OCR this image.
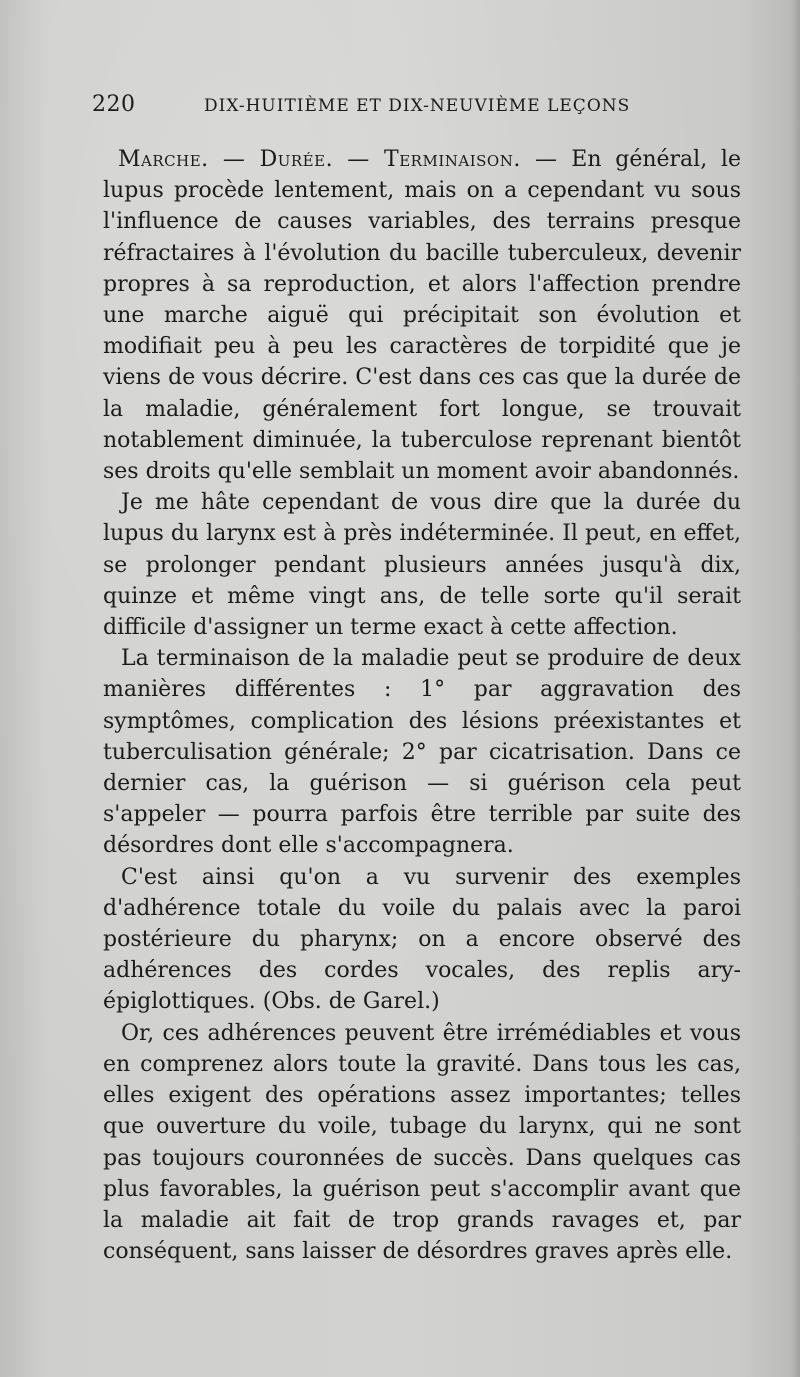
220	DIX-HUITIÈME ET DIX-NEUVIÈME LEÇONS

Marche. — Durée. — Terminaison. — En général, le lupus procède lentement, mais on a cependant vu sous l'influence de causes variables, des terrains presque réfractaires à l'évolution du bacille tuberculeux, devenir propres à sa reproduction, et alors l'affection prendre une marche aiguë qui précipitait son évolution et modifiait peu à peu les caractères de torpidité que je viens de vous décrire. C'est dans ces cas que la durée de la maladie, généralement fort longue, se trouvait notablement diminuée, la tuberculose reprenant bientôt ses droits qu'elle semblait un moment avoir abandonnés.

Je me hâte cependant de vous dire que la durée du lupus du larynx est à près indéterminée. Il peut, en effet, se prolonger pendant plusieurs années jusqu'à dix, quinze et même vingt ans, de telle sorte qu'il serait difficile d'assigner un terme exact à cette affection.

La terminaison de la maladie peut se produire de deux manières différentes : 1° par aggravation des symptômes, complication des lésions préexistantes et tuberculisation générale; 2° par cicatrisation. Dans ce dernier cas, la guérison — si guérison cela peut s'appeler — pourra parfois être terrible par suite des désordres dont elle s'accompagnera.

C'est ainsi qu'on a vu survenir des exemples d'adhérence totale du voile du palais avec la paroi postérieure du pharynx; on a encore observé des adhérences des cordes vocales, des replis ary-épiglottiques. (Obs. de Garel.)

Or, ces adhérences peuvent être irrémédiables et vous en comprenez alors toute la gravité. Dans tous les cas, elles exigent des opérations assez importantes; telles que ouverture du voile, tubage du larynx, qui ne sont pas toujours couronnées de succès. Dans quelques cas plus favorables, la guérison peut s'accomplir avant que la maladie ait fait de trop grands ravages et, par conséquent, sans laisser de désordres graves après elle.
